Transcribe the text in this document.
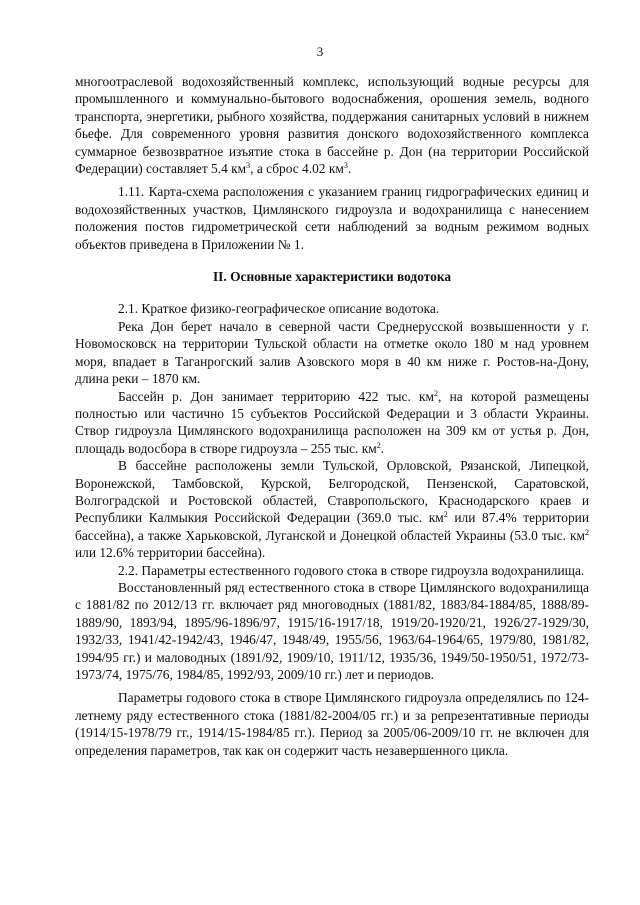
3

многоотраслевой водохозяйственный комплекс, использующий водные ресурсы для промышленного и коммунально-бытового водоснабжения, орошения земель, водного транспорта, энергетики, рыбного хозяйства, поддержания санитарных условий в нижнем бьефе. Для современного уровня развития донского водохозяйственного комплекса суммарное безвозвратное изъятие стока в бассейне р. Дон (на территории Российской Федерации) составляет 5.4 $км^3$, а сброс 4.02 $км^3$.

1.11. Карта-схема расположения с указанием границ гидрографических единиц и водохозяйственных участков, Цимлянского гидроузла и водохранилища с нанесением положения постов гидрометрической сети наблюдений за водным режимом водных объектов приведена в Приложении № 1.

II. Основные характеристики водотока

2.1. Краткое физико-географическое описание водотока.

Река Дон берет начало в северной части Среднерусской возвышенности у г. Новомосковск на территории Тульской области на отметке около 180 м над уровнем моря, впадает в Таганрогский залив Азовского моря в 40 км ниже г. Ростов-на-Дону, длина реки – 1870 км.

Бассейн р. Дон занимает территорию 422 тыс. $км^2$, на которой размещены полностью или частично 15 субъектов Российской Федерации и 3 области Украины. Створ гидроузла Цимлянского водохранилища расположен на 309 км от устья р. Дон, площадь водосбора в створе гидроузла – 255 тыс. $км^2$.

В бассейне расположены земли Тульской, Орловской, Рязанской, Липецкой, Воронежской, Тамбовской, Курской, Белгородской, Пензенской, Саратовской, Волгоградской и Ростовской областей, Ставропольского, Краснодарского краев и Республики Калмыкия Российской Федерации (369.0 тыс. $км^2$ или 87.4% территории бассейна), а также Харьковской, Луганской и Донецкой областей Украины (53.0 тыс. $км^2$ или 12.6% территории бассейна).

2.2. Параметры естественного годового стока в створе гидроузла водохранилища.

Восстановленный ряд естественного стока в створе Цимлянского водохранилища с 1881/82 по 2012/13 гг. включает ряд многоводных (1881/82, 1883/84-1884/85, 1888/89-1889/90, 1893/94, 1895/96-1896/97, 1915/16-1917/18, 1919/20-1920/21, 1926/27-1929/30, 1932/33, 1941/42-1942/43, 1946/47, 1948/49, 1955/56, 1963/64-1964/65, 1979/80, 1981/82, 1994/95 гг.) и маловодных (1891/92, 1909/10, 1911/12, 1935/36, 1949/50-1950/51, 1972/73-1973/74, 1975/76, 1984/85, 1992/93, 2009/10 гг.) лет и периодов.

Параметры годового стока в створе Цимлянского гидроузла определялись по 124-летнему ряду естественного стока (1881/82-2004/05 гг.) и за репрезентативные периоды (1914/15-1978/79 гг., 1914/15-1984/85 гг.). Период за 2005/06-2009/10 гг. не включен для определения параметров, так как он содержит часть незавершенного цикла.
